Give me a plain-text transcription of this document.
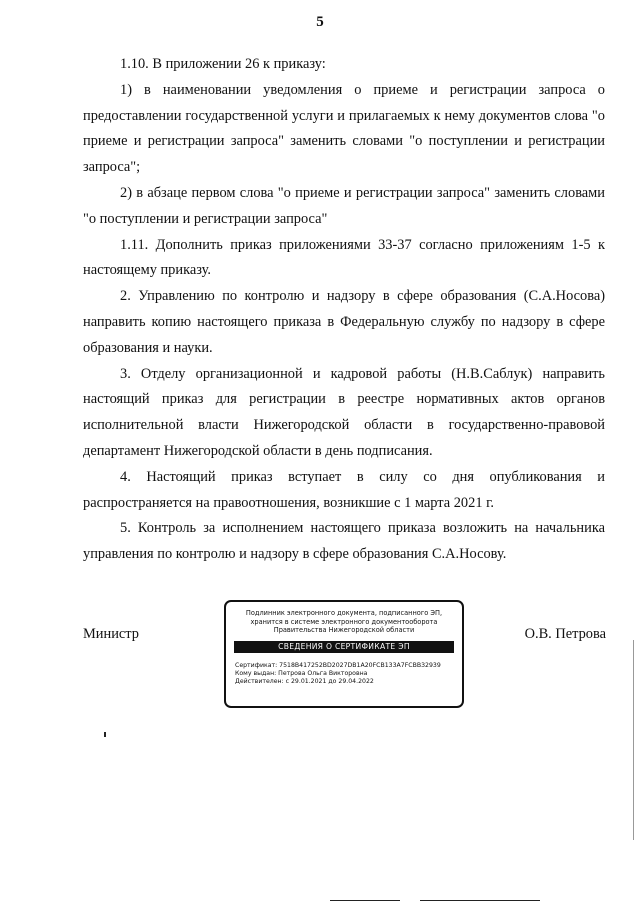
5

1.10. В приложении 26 к приказу:

1) в наименовании уведомления о приеме и регистрации запроса о предоставлении государственной услуги и прилагаемых к нему документов слова "о приеме и регистрации запроса" заменить словами "о поступлении и регистрации запроса";

2) в абзаце первом слова "о приеме и регистрации запроса" заменить словами "о поступлении и регистрации запроса"

1.11. Дополнить приказ приложениями 33-37 согласно приложениям 1-5 к настоящему приказу.

2. Управлению по контролю и надзору в сфере образования (С.А.Носова) направить копию настоящего приказа в Федеральную службу по надзору в сфере образования и науки.

3. Отделу организационной и кадровой работы (Н.В.Саблук) направить настоящий приказ для регистрации в реестре нормативных актов органов исполнительной власти Нижегородской области в государственно-правовой департамент Нижегородской области в день подписания.

4. Настоящий приказ вступает в силу со дня опубликования и распространяется на правоотношения, возникшие с 1 марта 2021 г.

5. Контроль за исполнением настоящего приказа возложить на начальника управления по контролю и надзору в сфере образования С.А.Носову.

Министр
Подлинник электронного документа, подписанного ЭП,
хранится в системе электронного документооборота
Правительства Нижегородской области
СВЕДЕНИЯ О СЕРТИФИКАТЕ ЭП
Сертификат: 7518B417252BD2027DB1A20FCB133A7FCBB32939
Кому выдан: Петрова Ольга Викторовна
Действителен: с 29.01.2021 до 29.04.2022
О.В. Петрова
